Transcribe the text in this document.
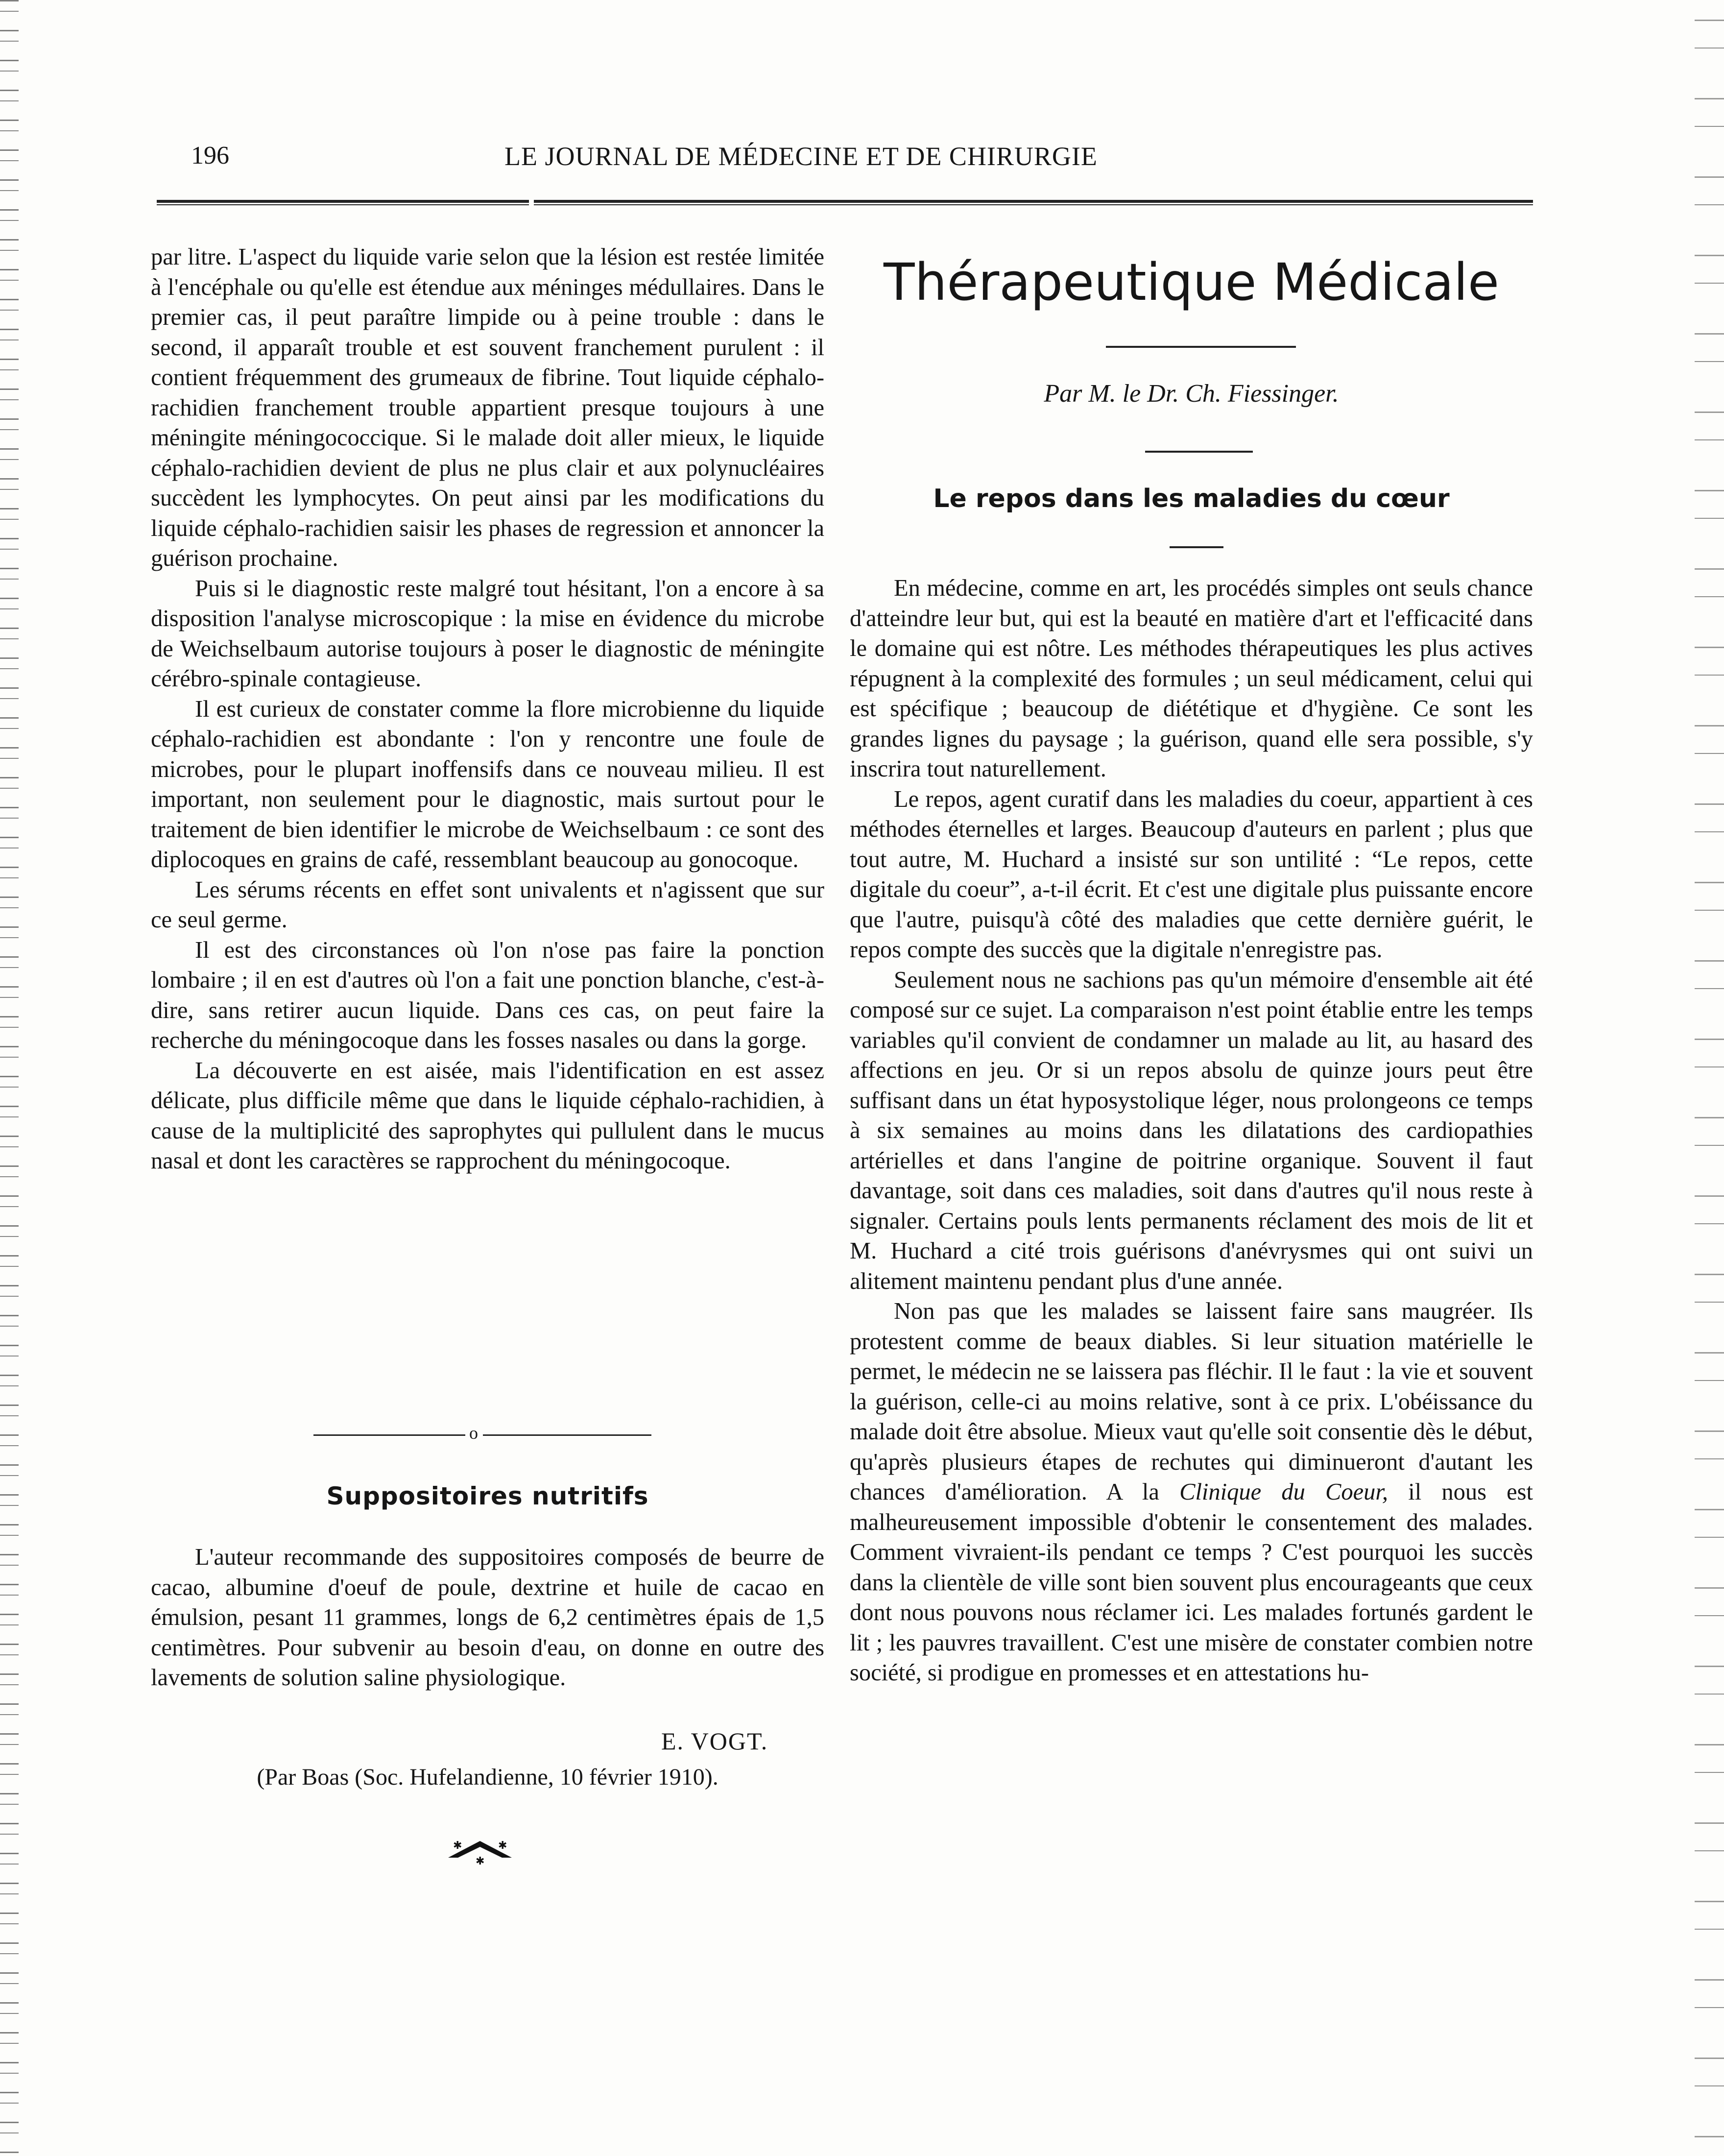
196	LE JOURNAL DE MÉDECINE ET DE CHIRURGIE

par litre. L'aspect du liquide varie selon que la lésion est restée limitée à l'encéphale ou qu'elle est étendue aux méninges médullaires. Dans le premier cas, il peut paraître limpide ou à peine trouble : dans le second, il apparaît trouble et est souvent franchement purulent : il contient fréquemment des grumeaux de fibrine. Tout liquide céphalo-rachidien franchement trouble appartient presque toujours à une méningite méningococcique. Si le malade doit aller mieux, le liquide céphalo-rachidien devient de plus ne plus clair et aux polynucléaires succèdent les lymphocytes. On peut ainsi par les modifications du liquide céphalo-rachidien saisir les phases de regression et annoncer la guérison prochaine.

Puis si le diagnostic reste malgré tout hésitant, l'on a encore à sa disposition l'analyse microscopique : la mise en évidence du microbe de Weichselbaum autorise toujours à poser le diagnostic de méningite cérébro-spinale contagieuse.

Il est curieux de constater comme la flore microbienne du liquide céphalo-rachidien est abondante : l'on y rencontre une foule de microbes, pour le plupart inoffensifs dans ce nouveau milieu. Il est important, non seulement pour le diagnostic, mais surtout pour le traitement de bien identifier le microbe de Weichselbaum : ce sont des diplocoques en grains de café, ressemblant beaucoup au gonocoque.

Les sérums récents en effet sont univalents et n'agissent que sur ce seul germe.

Il est des circonstances où l'on n'ose pas faire la ponction lombaire ; il en est d'autres où l'on a fait une ponction blanche, c'est-à-dire, sans retirer aucun liquide. Dans ces cas, on peut faire la recherche du méningocoque dans les fosses nasales ou dans la gorge.

La découverte en est aisée, mais l'identification en est assez délicate, plus difficile même que dans le liquide céphalo-rachidien, à cause de la multiplicité des saprophytes qui pullulent dans le mucus nasal et dont les caractères se rapprochent du méningocoque.

o
Suppositoires nutritifs

L'auteur recommande des suppositoires composés de beurre de cacao, albumine d'oeuf de poule, dextrine et huile de cacao en émulsion, pesant 11 grammes, longs de 6,2 centimètres épais de 1,5 centimètres. Pour subvenir au besoin d'eau, on donne en outre des lavements de solution saline physiologique.

E. VOGT.
(Par Boas (Soc. Hufelandienne, 10 février 1910).
✱	✱
✱
Thérapeutique Médicale
Par M. le Dr. Ch. Fiessinger.
Le repos dans les maladies du cœur

En médecine, comme en art, les procédés simples ont seuls chance d'atteindre leur but, qui est la beauté en matière d'art et l'efficacité dans le domaine qui est nôtre. Les méthodes thérapeutiques les plus actives répugnent à la complexité des formules ; un seul médicament, celui qui est spécifique ; beaucoup de diététique et d'hygiène. Ce sont les grandes lignes du paysage ; la guérison, quand elle sera possible, s'y inscrira tout naturellement.

Le repos, agent curatif dans les maladies du coeur, appartient à ces méthodes éternelles et larges. Beaucoup d'auteurs en parlent ; plus que tout autre, M. Huchard a insisté sur son untilité : “Le repos, cette digitale du coeur”, a-t-il écrit. Et c'est une digitale plus puissante encore que l'autre, puisqu'à côté des maladies que cette dernière guérit, le repos compte des succès que la digitale n'enregistre pas.

Seulement nous ne sachions pas qu'un mémoire d'ensemble ait été composé sur ce sujet. La comparaison n'est point établie entre les temps variables qu'il convient de condamner un malade au lit, au hasard des affections en jeu. Or si un repos absolu de quinze jours peut être suffisant dans un état hyposystolique léger, nous prolongeons ce temps à six semaines au moins dans les dilatations des cardiopathies artérielles et dans l'angine de poitrine organique. Souvent il faut davantage, soit dans ces maladies, soit dans d'autres qu'il nous reste à signaler. Certains pouls lents permanents réclament des mois de lit et M. Huchard a cité trois guérisons d'anévrysmes qui ont suivi un alitement maintenu pendant plus d'une année.

Non pas que les malades se laissent faire sans maugréer. Ils protestent comme de beaux diables. Si leur situation matérielle le permet, le médecin ne se laissera pas fléchir. Il le faut : la vie et souvent la guérison, celle-ci au moins relative, sont à ce prix. L'obéissance du malade doit être absolue. Mieux vaut qu'elle soit consentie dès le début, qu'après plusieurs étapes de rechutes qui diminueront d'autant les chances d'amélioration. A la Clinique du Coeur, il nous est malheureusement impossible d'obtenir le consentement des malades. Comment vivraient-ils pendant ce temps ? C'est pourquoi les succès dans la clientèle de ville sont bien souvent plus encourageants que ceux dont nous pouvons nous réclamer ici. Les malades fortunés gardent le lit ; les pauvres travaillent. C'est une misère de constater combien notre société, si prodigue en promesses et en attestations hu-
